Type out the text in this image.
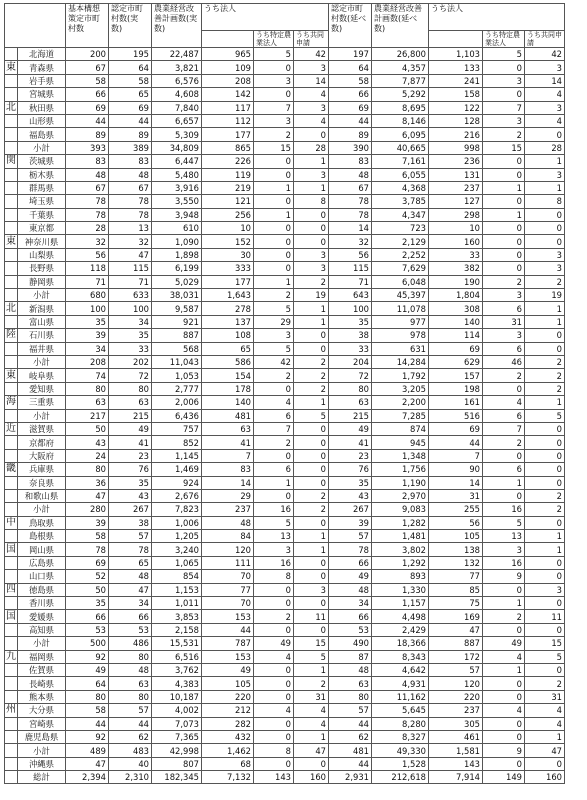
		基本構想策定市町村数	認定市町村数(実数)	農業経営改善計画数(実数)	うち法人			認定市町村数(延べ数)	農業経営改善計画数(延べ数)	うち法人		
						うち特定農業法人	うち共同申請				うち特定農業法人	うち共同申請
	北海道	200	195	22,487	965	5	42	197	26,800	1,103	5	42
東	青森県	67	64	3,821	109	0	3	64	4,357	133	0	3
	岩手県	58	58	6,576	208	3	14	58	7,877	241	3	14
	宮城県	66	65	4,608	142	0	4	66	5,292	158	0	4
北	秋田県	69	69	7,840	117	7	3	69	8,695	122	7	3
	山形県	44	44	6,657	112	3	4	44	8,146	128	3	4
	福島県	89	89	5,309	177	2	0	89	6,095	216	2	0
	小計	393	389	34,809	865	15	28	390	40,665	998	15	28
関	茨城県	83	83	6,447	226	0	1	83	7,161	236	0	1
	栃木県	48	48	5,480	119	0	3	48	6,055	131	0	3
	群馬県	67	67	3,916	219	1	1	67	4,368	237	1	1
	埼玉県	78	78	3,550	121	0	8	78	3,785	127	0	8
	千葉県	78	78	3,948	256	1	0	78	4,347	298	1	0
	東京都	28	13	610	10	0	0	14	723	10	0	0
東	神奈川県	32	32	1,090	152	0	0	32	2,129	160	0	0
	山梨県	56	47	1,898	30	0	3	56	2,252	33	0	3
	長野県	118	115	6,199	333	0	3	115	7,629	382	0	3
	静岡県	71	71	5,029	177	1	2	71	6,048	190	2	2
	小計	680	633	38,031	1,643	2	19	643	45,397	1,804	3	19
北	新潟県	100	100	9,587	278	5	1	100	11,078	308	6	1
	富山県	35	34	921	137	29	1	35	977	140	31	1
陸	石川県	39	35	887	108	3	0	38	978	114	3	0
	福井県	34	33	568	65	5	0	33	631	69	6	0
	小計	208	202	11,043	586	42	2	204	14,284	629	46	2
東	岐阜県	74	72	1,053	154	2	2	72	1,792	157	2	2
	愛知県	80	80	2,777	178	0	2	80	3,205	198	0	2
海	三重県	63	63	2,006	140	4	1	63	2,200	161	4	1
	小計	217	215	6,436	481	6	5	215	7,285	516	6	5
近	滋賀県	50	49	757	63	7	0	49	874	69	7	0
	京都府	43	41	852	41	2	0	41	945	44	2	0
	大阪府	24	23	1,145	7	0	0	23	1,348	7	0	0
畿	兵庫県	80	76	1,469	83	6	0	76	1,756	90	6	0
	奈良県	36	35	924	14	1	0	35	1,190	14	1	0
	和歌山県	47	43	2,676	29	0	2	43	2,970	31	0	2
	小計	280	267	7,823	237	16	2	267	9,083	255	16	2
中	鳥取県	39	38	1,006	48	5	0	39	1,282	56	5	0
	島根県	58	57	1,205	84	13	1	57	1,481	105	13	1
国	岡山県	78	78	3,240	120	3	1	78	3,802	138	3	1
	広島県	69	65	1,065	111	16	0	66	1,292	132	16	0
	山口県	52	48	854	70	8	0	49	893	77	9	0
四	徳島県	50	47	1,153	77	0	3	48	1,330	85	0	3
	香川県	35	34	1,011	70	0	0	34	1,157	75	1	0
国	愛媛県	66	66	3,853	153	2	11	66	4,498	169	2	11
	高知県	53	53	2,158	44	0	0	53	2,429	47	0	0
	小計	500	486	15,531	787	49	15	490	18,366	887	49	15
九	福岡県	92	80	6,516	153	4	5	87	8,343	172	4	5
	佐賀県	49	48	3,762	49	0	1	48	4,642	57	1	0
	長崎県	64	63	4,383	105	0	2	63	4,931	120	0	2
	熊本県	80	80	10,187	220	0	31	80	11,162	220	0	31
州	大分県	58	57	4,002	212	4	4	57	5,645	237	4	4
	宮崎県	44	44	7,073	282	0	4	44	8,280	305	0	4
	鹿児島県	92	62	7,365	432	0	1	62	8,327	461	0	1
	小計	489	483	42,998	1,462	8	47	481	49,330	1,581	9	47
	沖縄県	47	40	807	68	0	0	44	1,528	143	0	0
	総計	2,394	2,310	182,345	7,132	143	160	2,931	212,618	7,914	149	160
